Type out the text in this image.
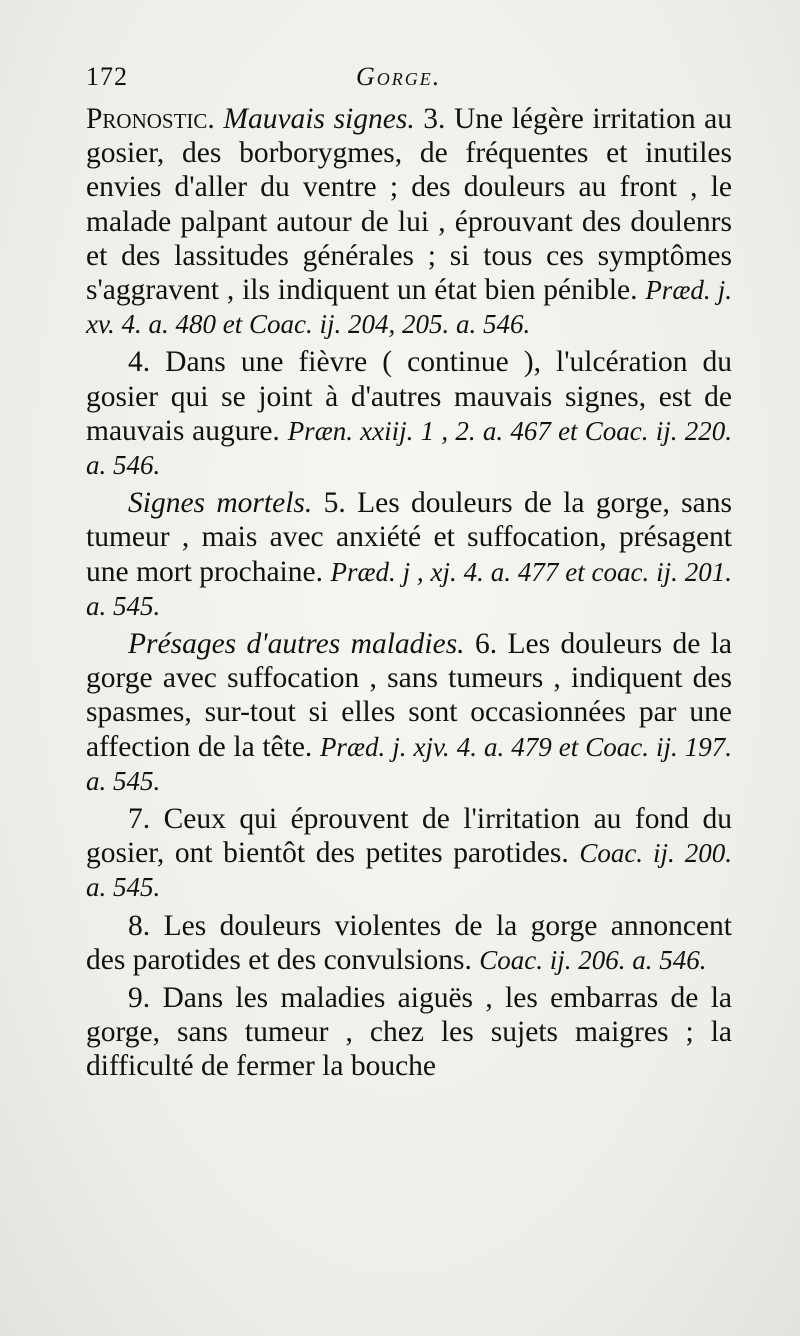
172	Gorge.

Pronostic. Mauvais signes. 3. Une légère irritation au gosier, des borborygmes, de fréquentes et inutiles envies d'aller du ventre ; des douleurs au front , le malade palpant autour de lui , éprouvant des doulenrs et des lassitudes générales ; si tous ces symptômes s'aggravent , ils indiquent un état bien pénible. Præd. j. xv. 4. a. 480 et Coac. ij. 204, 205. a. 546.

4. Dans une fièvre ( continue ), l'ulcération du gosier qui se joint à d'autres mauvais signes, est de mauvais augure. Præn. xxiij. 1 , 2. a. 467 et Coac. ij. 220. a. 546.

Signes mortels. 5. Les douleurs de la gorge, sans tumeur , mais avec anxiété et suffocation, présagent une mort prochaine. Præd. j , xj. 4. a. 477 et coac. ij. 201. a. 545.

Présages d'autres maladies. 6. Les douleurs de la gorge avec suffocation , sans tumeurs , indiquent des spasmes, sur-tout si elles sont occasionnées par une affection de la tête. Præd. j. xjv. 4. a. 479 et Coac. ij. 197. a. 545.

7. Ceux qui éprouvent de l'irritation au fond du gosier, ont bientôt des petites parotides. Coac. ij. 200. a. 545.

8. Les douleurs violentes de la gorge annoncent des parotides et des convulsions. Coac. ij. 206. a. 546.

9. Dans les maladies aiguës , les embarras de la gorge, sans tumeur , chez les sujets maigres ; la difficulté de fermer la bouche
